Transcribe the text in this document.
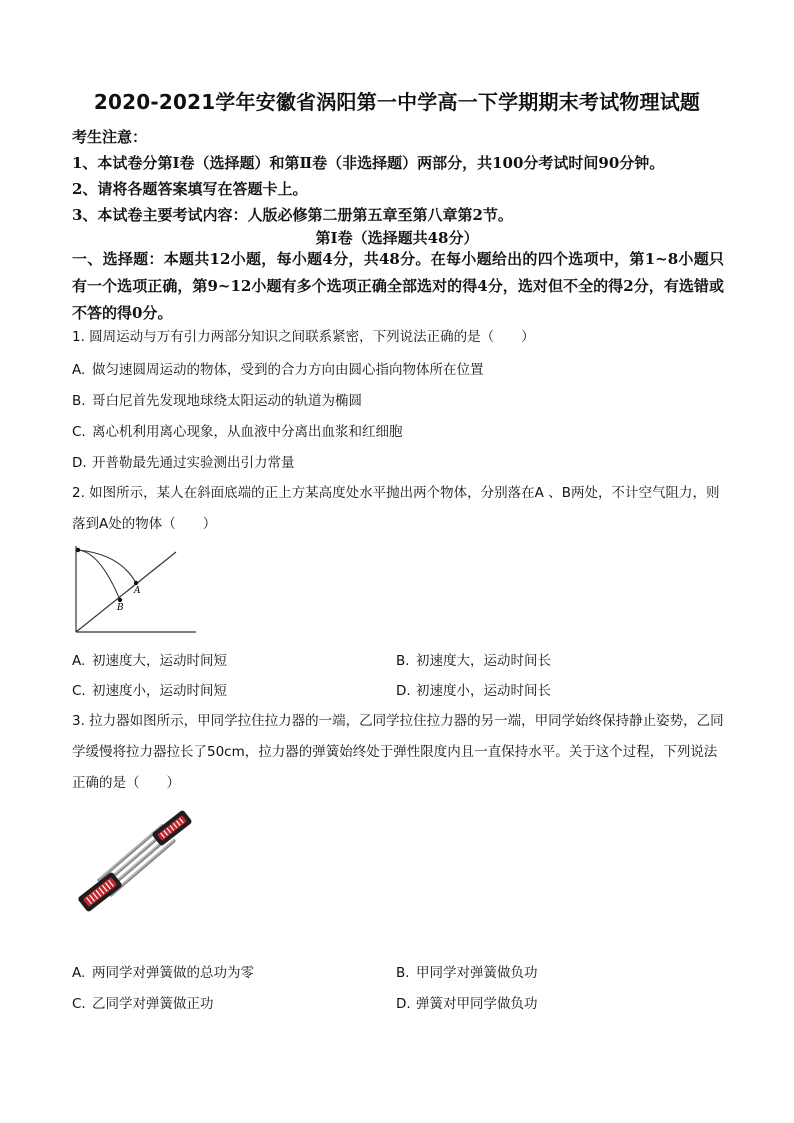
2020-2021学年安徽省涡阳第一中学高一下学期期末考试物理试题
考生注意：
1、本试卷分第Ⅰ卷（选择题）和第Ⅱ卷（非选择题）两部分，共100分考试时间90分钟。
2、请将各题答案填写在答题卡上。
3、本试卷主要考试内容：人版必修第二册第五章至第八章第2节。
第Ⅰ卷（选择题共48分）
一、选择题：本题共12小题，每小题4分，共48分。在每小题给出的四个选项中，第1~8小题只有一个选项正确，第9~12小题有多个选项正确全部选对的得4分，选对但不全的得2分，有选错或不答的得0分。
1. 圆周运动与万有引力两部分知识之间联系紧密，下列说法正确的是（　　）
A. 做匀速圆周运动的物体，受到的合力方向由圆心指向物体所在位置
B. 哥白尼首先发现地球绕太阳运动的轨道为椭圆
C. 离心机利用离心现象，从血液中分离出血浆和红细胞
D. 开普勒最先通过实验测出引力常量
2. 如图所示，某人在斜面底端的正上方某高度处水平抛出两个物体，分别落在A 、B两处，不计空气阻力，则落到A处的物体（　　）
A
B
A. 初速度大，运动时间短	B. 初速度大，运动时间长
C. 初速度小，运动时间短	D. 初速度小，运动时间长
3. 拉力器如图所示，甲同学拉住拉力器的一端，乙同学拉住拉力器的另一端，甲同学始终保持静止姿势，乙同学缓慢将拉力器拉长了50cm，拉力器的弹簧始终处于弹性限度内且一直保持水平。关于这个过程，下列说法正确的是（　　）
A. 两同学对弹簧做的总功为零	B. 甲同学对弹簧做负功
C. 乙同学对弹簧做正功	D. 弹簧对甲同学做负功
